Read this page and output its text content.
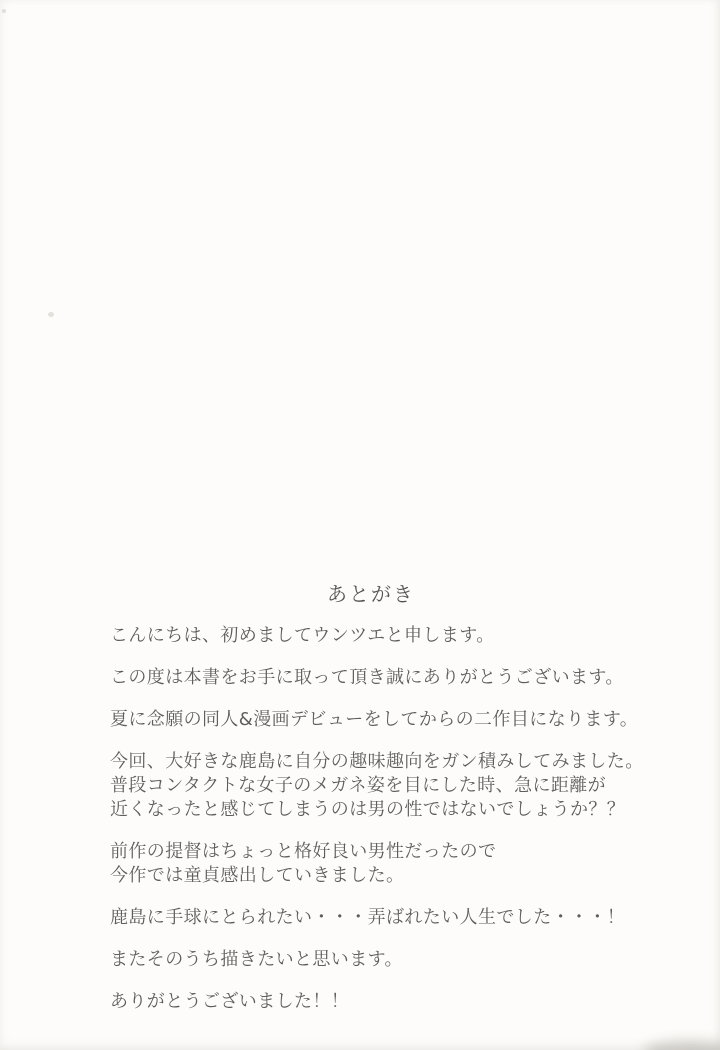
あとがき

こんにちは、初めましてウンツエと申します。

この度は本書をお手に取って頂き誠にありがとうございます。

夏に念願の同人&漫画デビューをしてからの二作目になります。

今回、大好きな鹿島に自分の趣味趣向をガン積みしてみました。
普段コンタクトな女子のメガネ姿を目にした時、急に距離が
近くなったと感じてしまうのは男の性ではないでしょうか？？

前作の提督はちょっと格好良い男性だったので
今作では童貞感出していきました。

鹿島に手球にとられたい・・・弄ばれたい人生でした・・・！

またそのうち描きたいと思います。

ありがとうございました！！
